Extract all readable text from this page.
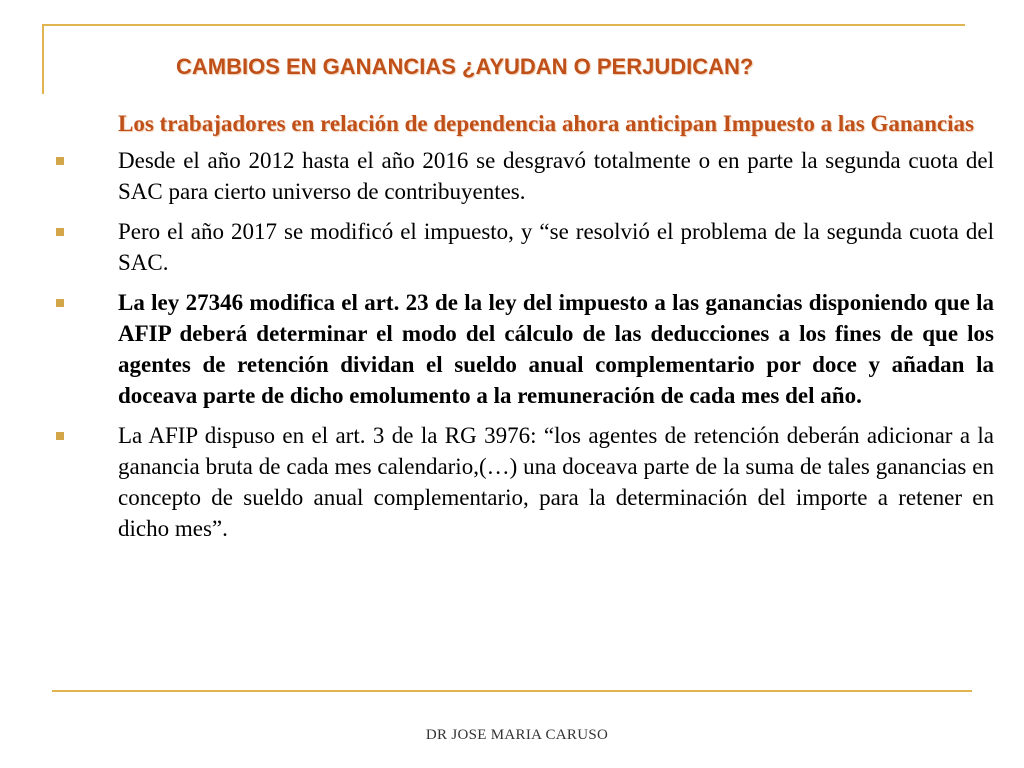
CAMBIOS EN GANANCIAS ¿AYUDAN O PERJUDICAN?
Los trabajadores en relación de dependencia ahora anticipan Impuesto a las Ganancias
Desde el año 2012 hasta el año 2016 se desgravó totalmente o en parte la segunda cuota del SAC para cierto universo de contribuyentes.
Pero el año 2017 se modificó el impuesto, y “se resolvió el problema de la segunda cuota del SAC.
La ley 27346 modifica el art. 23 de la ley del impuesto a las ganancias disponiendo que la AFIP deberá determinar el modo del cálculo de las deducciones a los fines de que los agentes de retención dividan el sueldo anual complementario por doce y añadan la doceava parte de dicho emolumento a la remuneración de cada mes del año.
La AFIP dispuso en el art. 3 de la RG 3976: “los agentes de retención deberán adicionar a la ganancia bruta de cada mes calendario,(…) una doceava parte de la suma de tales ganancias en concepto de sueldo anual complementario, para la determinación del importe a retener en dicho mes”.
DR JOSE MARIA CARUSO
